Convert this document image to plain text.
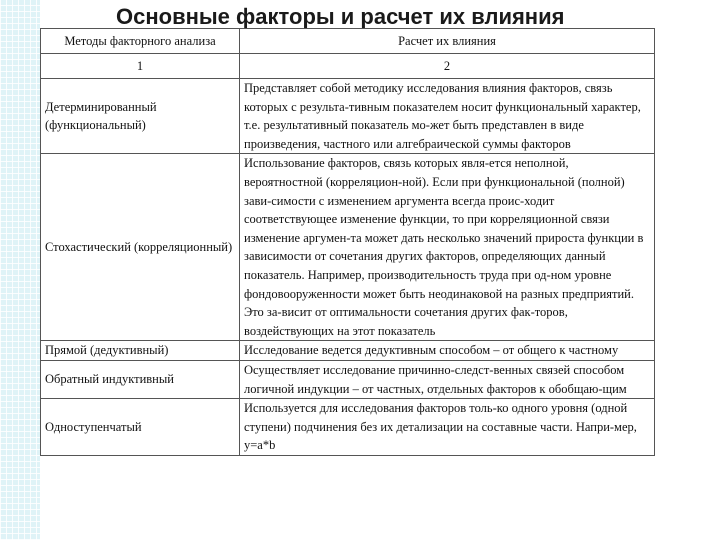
Основные факторы и расчет их влияния
Методы факторного анализа	Расчет их влияния
1	2
Детерминированный (функциональный)	Представляет собой методику исследования влияния факторов, связь которых с результа-тивным показателем носит функциональный характер, т.е. результативный показатель мо-жет быть представлен в виде произведения, частного или алгебраической суммы факторов
Стохастический (корреляционный)	Использование факторов, связь которых явля-ется неполной, вероятностной (корреляцион-ной). Если при функциональной (полной) зави-симости с изменением аргумента всегда проис-ходит соответствующее изменение функции, то при корреляционной связи изменение аргумен-та может дать несколько значений прироста функции в зависимости от сочетания других факторов, определяющих данный показатель. Например, производительность труда при од-ном уровне фондовооруженности может быть неодинаковой на разных предприятий. Это за-висит от оптимальности сочетания других фак-торов, воздействующих на этот показатель
Прямой (дедуктивный)	Исследование ведется дедуктивным способом – от общего к частному
Обратный индуктивный	Осуществляет исследование причинно-следст-венных связей способом логичной индукции – от частных, отдельных факторов к обобщаю-щим
Одноступенчатый	Используется для исследования факторов толь-ко одного уровня (одной ступени) подчинения без их детализации на составные части. Напри-мер, у=а*b
